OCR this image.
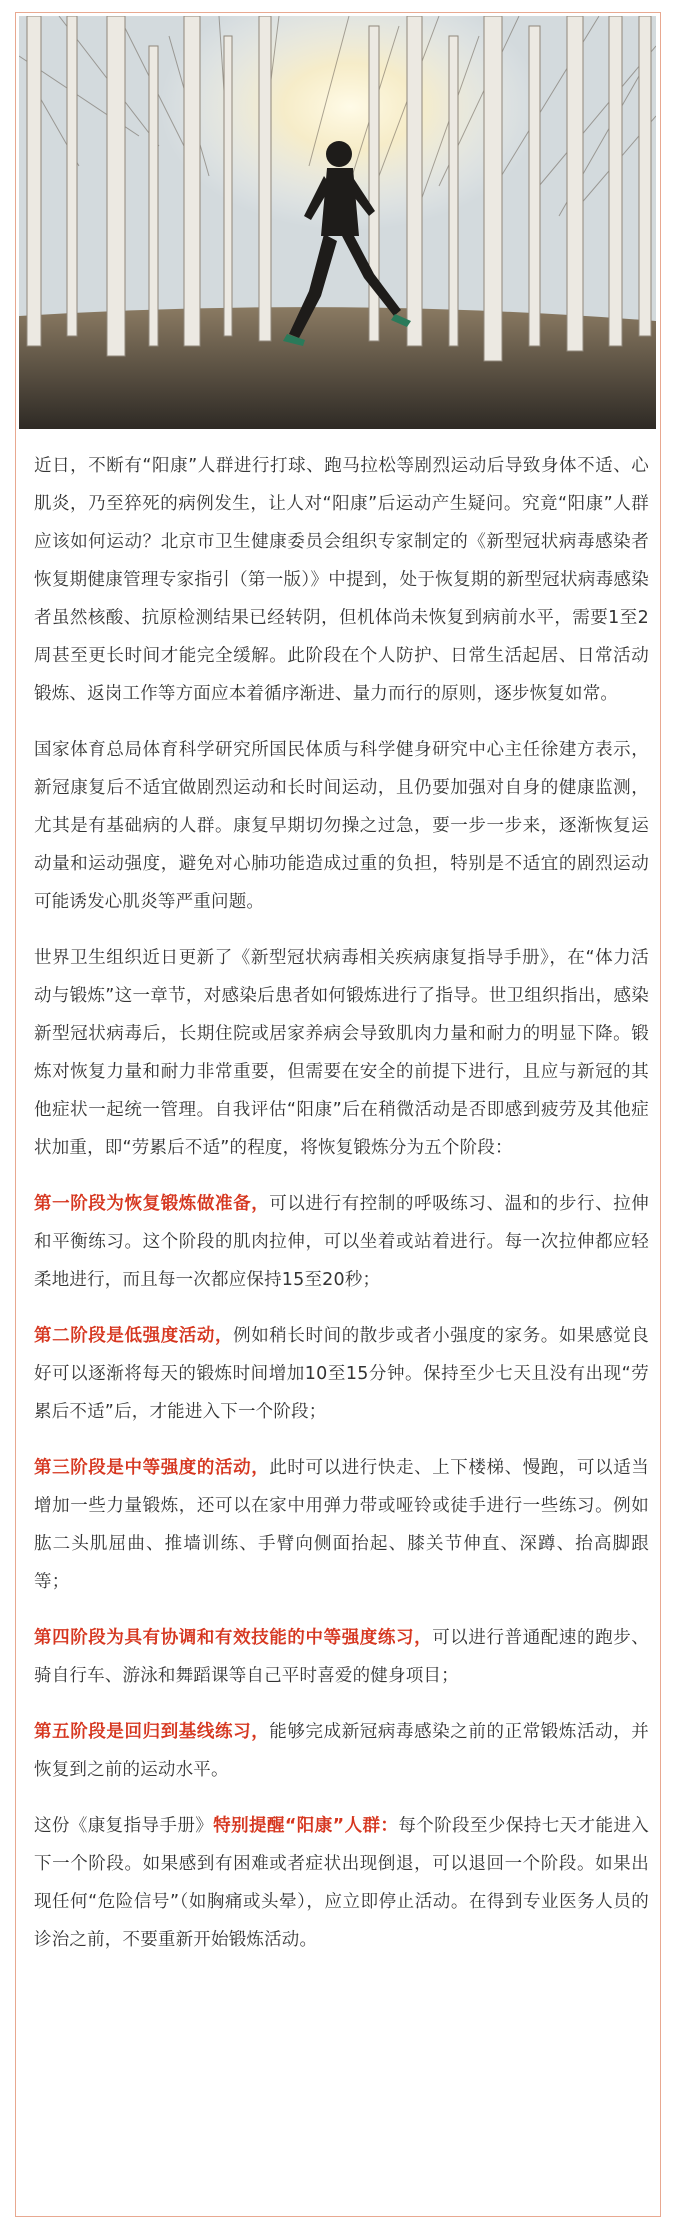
近日，不断有“阳康”人群进行打球、跑马拉松等剧烈运动后导致身体不适、心肌炎，乃至猝死的病例发生，让人对“阳康”后运动产生疑问。究竟“阳康”人群应该如何运动？北京市卫生健康委员会组织专家制定的《新型冠状病毒感染者恢复期健康管理专家指引（第一版）》中提到，处于恢复期的新型冠状病毒感染者虽然核酸、抗原检测结果已经转阴，但机体尚未恢复到病前水平，需要1至2周甚至更长时间才能完全缓解。此阶段在个人防护、日常生活起居、日常活动锻炼、返岗工作等方面应本着循序渐进、量力而行的原则，逐步恢复如常。

国家体育总局体育科学研究所国民体质与科学健身研究中心主任徐建方表示，新冠康复后不适宜做剧烈运动和长时间运动，且仍要加强对自身的健康监测，尤其是有基础病的人群。康复早期切勿操之过急，要一步一步来，逐渐恢复运动量和运动强度，避免对心肺功能造成过重的负担，特别是不适宜的剧烈运动可能诱发心肌炎等严重问题。

世界卫生组织近日更新了《新型冠状病毒相关疾病康复指导手册》，在“体力活动与锻炼”这一章节，对感染后患者如何锻炼进行了指导。世卫组织指出，感染新型冠状病毒后，长期住院或居家养病会导致肌肉力量和耐力的明显下降。锻炼对恢复力量和耐力非常重要，但需要在安全的前提下进行，且应与新冠的其他症状一起统一管理。自我评估“阳康”后在稍微活动是否即感到疲劳及其他症状加重，即“劳累后不适”的程度，将恢复锻炼分为五个阶段：

第一阶段为恢复锻炼做准备，可以进行有控制的呼吸练习、温和的步行、拉伸和平衡练习。这个阶段的肌肉拉伸，可以坐着或站着进行。每一次拉伸都应轻柔地进行，而且每一次都应保持15至20秒；

第二阶段是低强度活动，例如稍长时间的散步或者小强度的家务。如果感觉良好可以逐渐将每天的锻炼时间增加10至15分钟。保持至少七天且没有出现“劳累后不适”后，才能进入下一个阶段；

第三阶段是中等强度的活动，此时可以进行快走、上下楼梯、慢跑，可以适当增加一些力量锻炼，还可以在家中用弹力带或哑铃或徒手进行一些练习。例如肱二头肌屈曲、推墙训练、手臂向侧面抬起、膝关节伸直、深蹲、抬高脚跟等；

第四阶段为具有协调和有效技能的中等强度练习，可以进行普通配速的跑步、骑自行车、游泳和舞蹈课等自己平时喜爱的健身项目；

第五阶段是回归到基线练习，能够完成新冠病毒感染之前的正常锻炼活动，并恢复到之前的运动水平。

这份《康复指导手册》特别提醒“阳康”人群：每个阶段至少保持七天才能进入下一个阶段。如果感到有困难或者症状出现倒退，可以退回一个阶段。如果出现任何“危险信号”（如胸痛或头晕），应立即停止活动。在得到专业医务人员的诊治之前，不要重新开始锻炼活动。
